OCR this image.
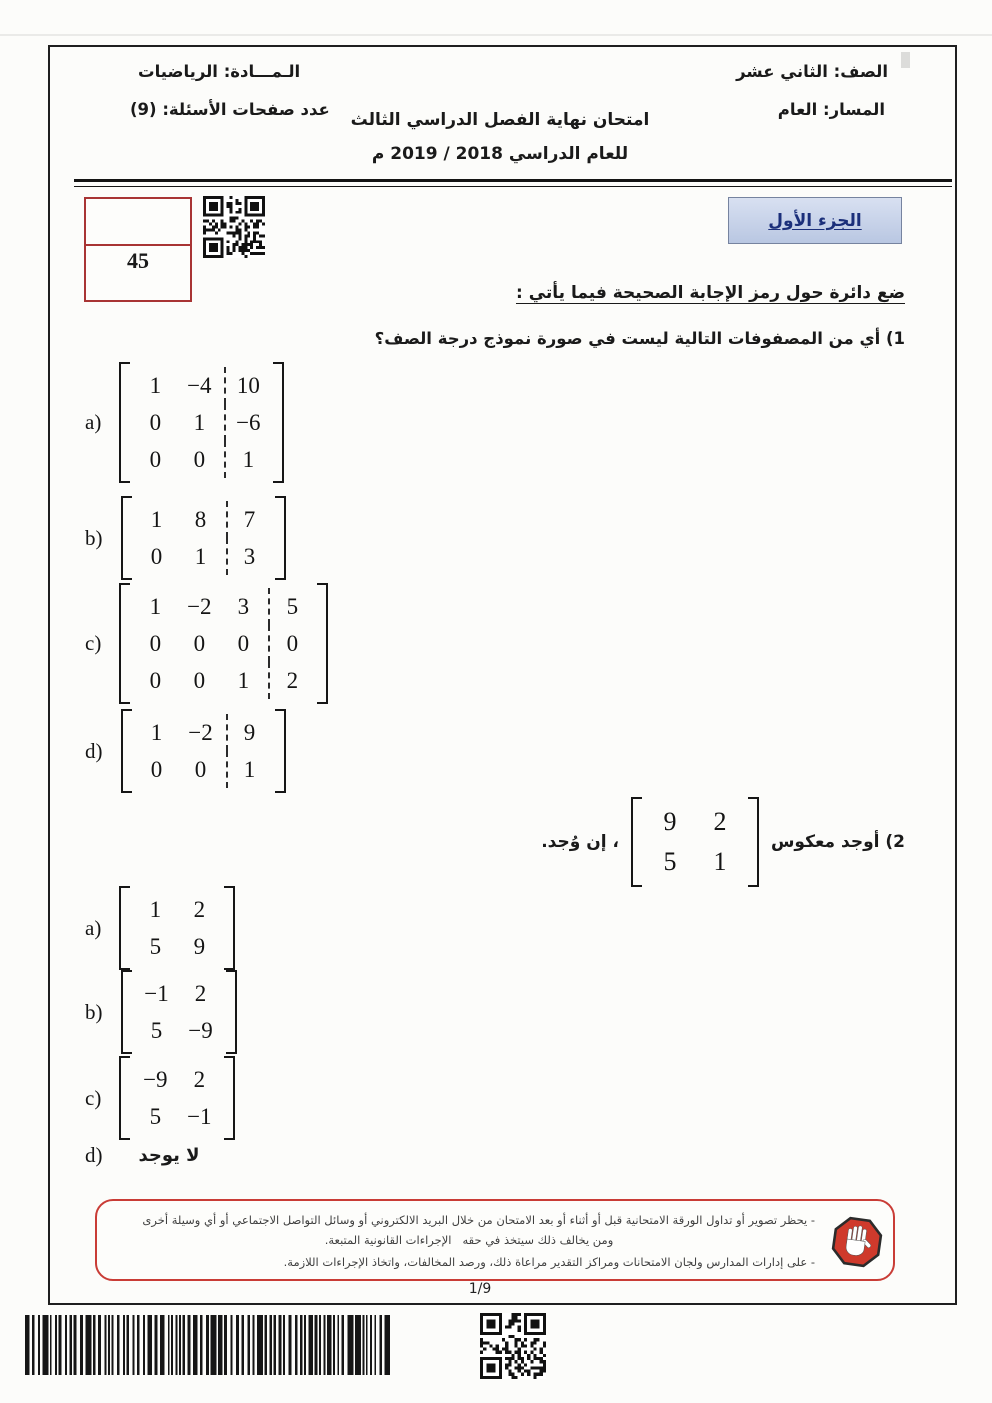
الصف: الثاني عشر
المسار: العام
الـمـــادة: الرياضيات
عدد صفحات الأسئلة: (9)
امتحان نهاية الفصل الدراسي الثالث
للعام الدراسي 2018 / 2019 م
45
الجزء الأول
ضع دائرة حول رمز الإجابة الصحيحة فيما يأتي :
1) أي من المصفوفات التالية ليست في صورة نموذج درجة الصف؟
a)
1	−4	10
0	1	−6
0	0	1
b)
1	8	7
0	1	3
c)
1	−2	3	5
0	0	0	0
0	0	1	2
d)
1	−2	9
0	0	1
2) أوجد معكوس
9	2
5	1
، إن وُجد.
a)
1	2
5	9
b)
−1	2
5	−9
c)
−9	2
5	−1
d) لا يوجد
- يحظر تصوير أو تداول الورقة الامتحانية قبل أو أثناء أو بعد الامتحان من خلال البريد الالكتروني أو وسائل التواصل الاجتماعي أو أي وسيلة أخرى
ومن يخالف ذلك سيتخذ في حقه   الإجراءات القانونية المتبعة.
- على إدارات المدارس ولجان الامتحانات ومراكز التقدير مراعاة ذلك، ورصد المخالفات، واتخاذ الإجراءات اللازمة.
1/9
